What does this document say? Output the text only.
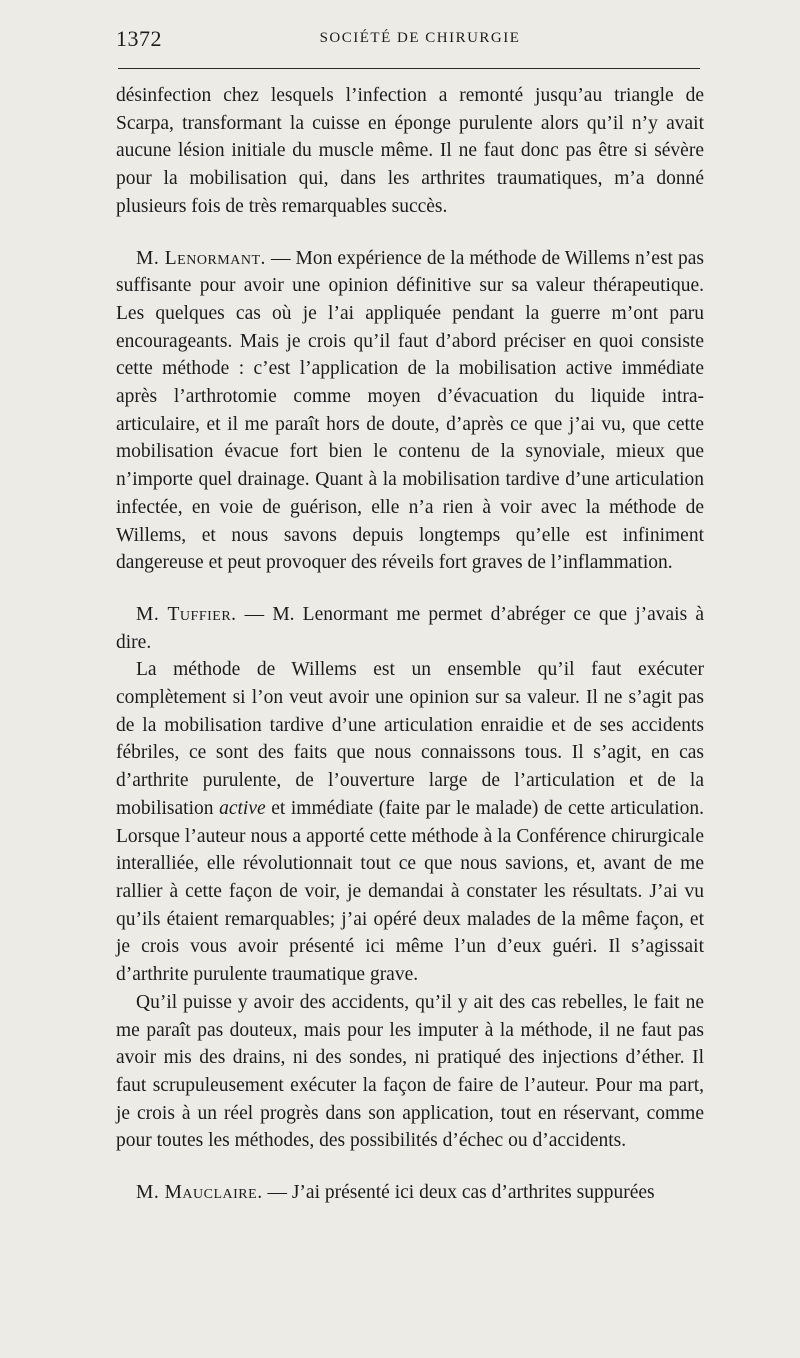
1372	SOCIÉTÉ DE CHIRURGIE

désinfection chez lesquels l’infection a remonté jusqu’au triangle de Scarpa, transformant la cuisse en éponge purulente alors qu’il n’y avait aucune lésion initiale du muscle même. Il ne faut donc pas être si sévère pour la mobilisation qui, dans les arthrites traumatiques, m’a donné plusieurs fois de très remarquables succès.

M. Lenormant. — Mon expérience de la méthode de Willems n’est pas suffisante pour avoir une opinion définitive sur sa valeur thérapeutique. Les quelques cas où je l’ai appliquée pendant la guerre m’ont paru encourageants. Mais je crois qu’il faut d’abord préciser en quoi consiste cette méthode : c’est l’application de la mobilisation active immédiate après l’arthrotomie comme moyen d’évacuation du liquide intra-articulaire, et il me paraît hors de doute, d’après ce que j’ai vu, que cette mobilisation évacue fort bien le contenu de la synoviale, mieux que n’importe quel drainage. Quant à la mobilisation tardive d’une articulation infectée, en voie de guérison, elle n’a rien à voir avec la méthode de Willems, et nous savons depuis longtemps qu’elle est infiniment dangereuse et peut provoquer des réveils fort graves de l’inflammation.

M. Tuffier. — M. Lenormant me permet d’abréger ce que j’avais à dire.

La méthode de Willems est un ensemble qu’il faut exécuter complètement si l’on veut avoir une opinion sur sa valeur. Il ne s’agit pas de la mobilisation tardive d’une articulation enraidie et de ses accidents fébriles, ce sont des faits que nous connaissons tous. Il s’agit, en cas d’arthrite purulente, de l’ouverture large de l’articulation et de la mobilisation active et immédiate (faite par le malade) de cette articulation. Lorsque l’auteur nous a apporté cette méthode à la Conférence chirurgicale interalliée, elle révolutionnait tout ce que nous savions, et, avant de me rallier à cette façon de voir, je demandai à constater les résultats. J’ai vu qu’ils étaient remarquables; j’ai opéré deux malades de la même façon, et je crois vous avoir présenté ici même l’un d’eux guéri. Il s’agissait d’arthrite purulente traumatique grave.

Qu’il puisse y avoir des accidents, qu’il y ait des cas rebelles, le fait ne me paraît pas douteux, mais pour les imputer à la méthode, il ne faut pas avoir mis des drains, ni des sondes, ni pratiqué des injections d’éther. Il faut scrupuleusement exécuter la façon de faire de l’auteur. Pour ma part, je crois à un réel progrès dans son application, tout en réservant, comme pour toutes les méthodes, des possibilités d’échec ou d’accidents.

M. Mauclaire. — J’ai présenté ici deux cas d’arthrites suppurées
